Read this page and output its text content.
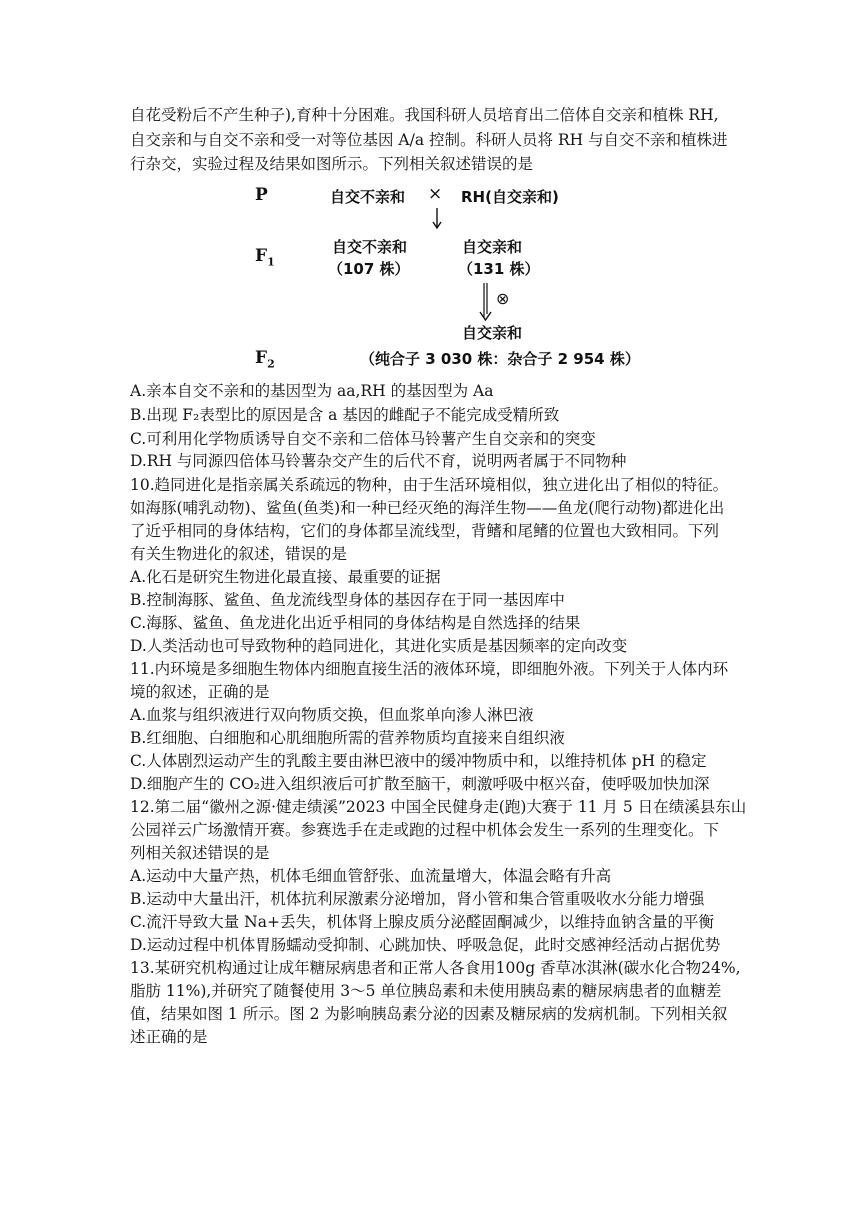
自花受粉后不产生种子),育种十分困难。我国科研人员培育出二倍体自交亲和植株 RH,
自交亲和与自交不亲和受一对等位基因 A/a 控制。科研人员将 RH 与自交不亲和植株进
行杂交，实验过程及结果如图所示。下列相关叙述错误的是
P	自交不亲和 × RH(自交亲和)
$F_1$
自交不亲和
（107 株）
自交亲和
（131 株）
⊗
自交亲和
$F_2$	（纯合子 3 030 株：杂合子 2 954 株）
A.亲本自交不亲和的基因型为 aa,RH 的基因型为 Aa
B.出现 F₂表型比的原因是含 a 基因的雌配子不能完成受精所致
C.可利用化学物质诱导自交不亲和二倍体马铃薯产生自交亲和的突变
D.RH 与同源四倍体马铃薯杂交产生的后代不育，说明两者属于不同物种
10.趋同进化是指亲属关系疏远的物种，由于生活环境相似，独立进化出了相似的特征。
如海豚(哺乳动物)、鲨鱼(鱼类)和一种已经灭绝的海洋生物——鱼龙(爬行动物)都进化出
了近乎相同的身体结构，它们的身体都呈流线型，背鳍和尾鳍的位置也大致相同。下列
有关生物进化的叙述，错误的是
A.化石是研究生物进化最直接、最重要的证据
B.控制海豚、鲨鱼、鱼龙流线型身体的基因存在于同一基因库中
C.海豚、鲨鱼、鱼龙进化出近乎相同的身体结构是自然选择的结果
D.人类活动也可导致物种的趋同进化，其进化实质是基因频率的定向改变
11.内环境是多细胞生物体内细胞直接生活的液体环境，即细胞外液。下列关于人体内环
境的叙述，正确的是
A.血浆与组织液进行双向物质交换，但血浆单向渗人淋巴液
B.红细胞、白细胞和心肌细胞所需的营养物质均直接来自组织液
C.人体剧烈运动产生的乳酸主要由淋巴液中的缓冲物质中和，以维持机体 pH 的稳定
D.细胞产生的 CO₂进入组织液后可扩散至脑干，刺激呼吸中枢兴奋，使呼吸加快加深
12.第二届“徽州之源·健走绩溪”2023 中国全民健身走(跑)大赛于 11 月 5 日在绩溪县东山
公园祥云广场激情开赛。参赛选手在走或跑的过程中机体会发生一系列的生理变化。下
列相关叙述错误的是
A.运动中大量产热，机体毛细血管舒张、血流量增大，体温会略有升高
B.运动中大量出汗，机体抗利尿激素分泌增加，肾小管和集合管重吸收水分能力增强
C.流汗导致大量 Na+丢失，机体肾上腺皮质分泌醛固酮减少，以维持血钠含量的平衡
D.运动过程中机体胃肠蠕动受抑制、心跳加快、呼吸急促，此时交感神经活动占据优势
13.某研究机构通过让成年糖尿病患者和正常人各食用100g 香草冰淇淋(碳水化合物24%,
脂肪 11%),并研究了随餐使用 3～5 单位胰岛素和未使用胰岛素的糖尿病患者的血糖差
值，结果如图 1 所示。图 2 为影响胰岛素分泌的因素及糖尿病的发病机制。下列相关叙
述正确的是
